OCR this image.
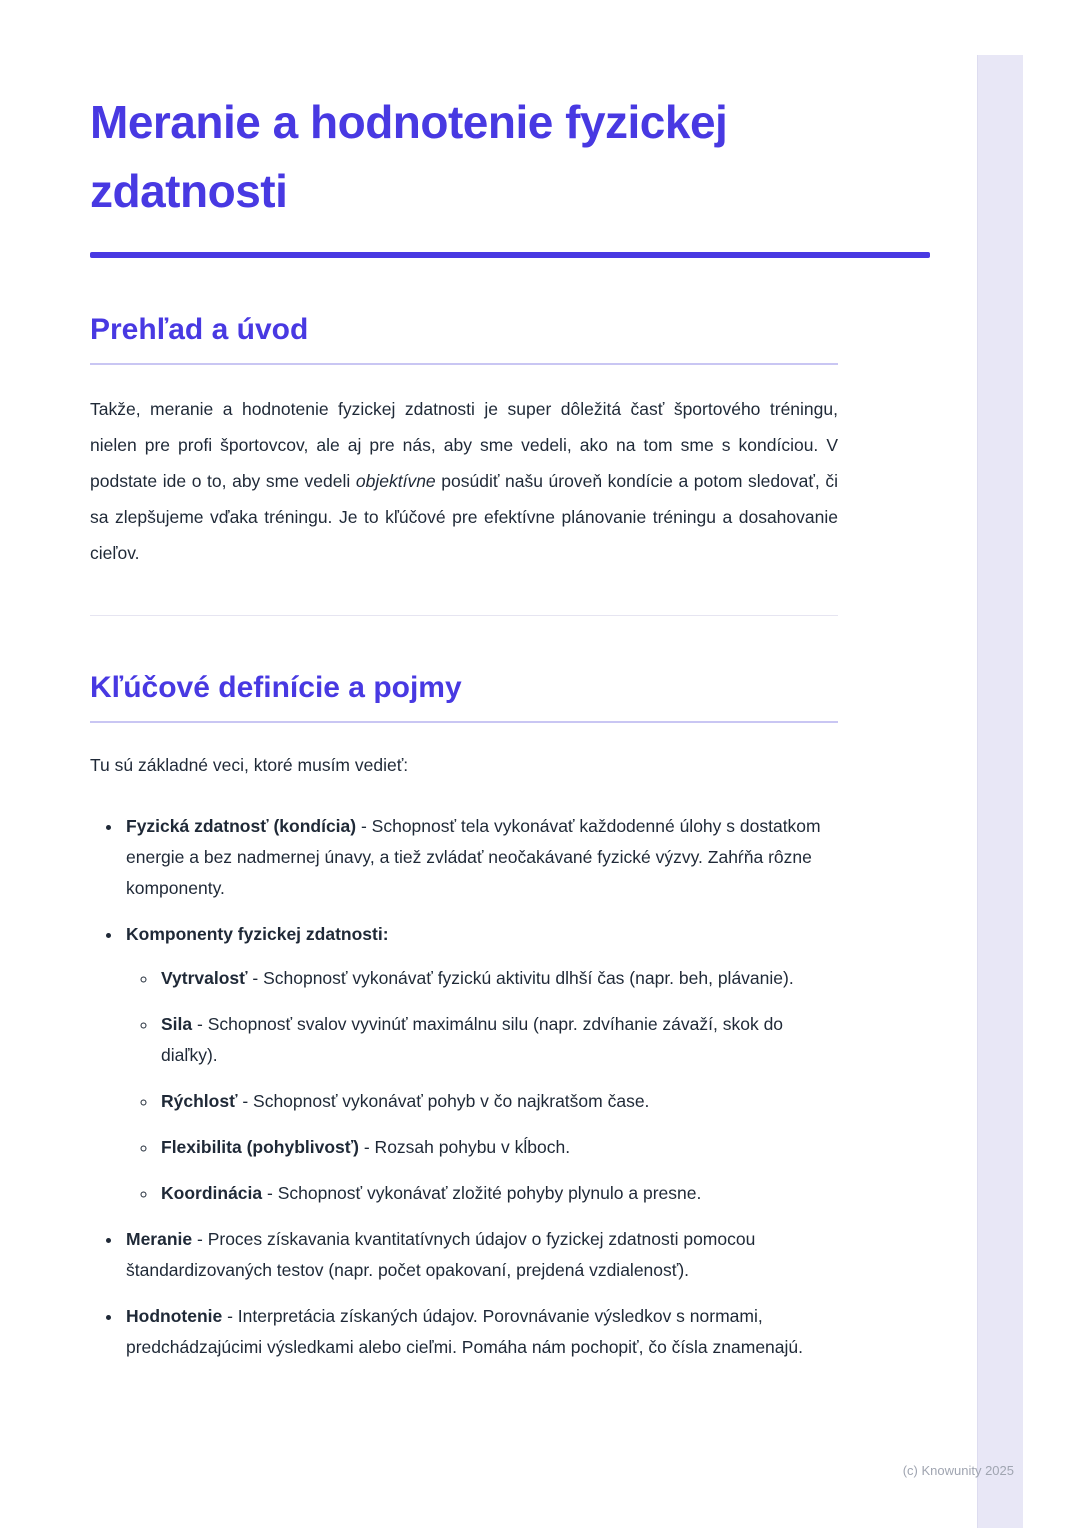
Meranie a hodnotenie fyzickej zdatnosti
Prehľad a úvod

Takže, meranie a hodnotenie fyzickej zdatnosti je super dôležitá časť športového tréningu, nielen pre profi športovcov, ale aj pre nás, aby sme vedeli, ako na tom sme s kondíciou. V podstate ide o to, aby sme vedeli objektívne posúdiť našu úroveň kondície a potom sledovať, či sa zlepšujeme vďaka tréningu. Je to kľúčové pre efektívne plánovanie tréningu a dosahovanie cieľov.

Kľúčové definície a pojmy

Tu sú základné veci, ktoré musím vedieť:

• Fyzická zdatnosť (kondícia) - Schopnosť tela vykonávať každodenné úlohy s dostatkom energie a bez nadmernej únavy, a tiež zvládať neočakávané fyzické výzvy. Zahŕňa rôzne komponenty.
• Komponenty fyzickej zdatnosti:
◦ Vytrvalosť - Schopnosť vykonávať fyzickú aktivitu dlhší čas (napr. beh, plávanie).
◦ Sila - Schopnosť svalov vyvinúť maximálnu silu (napr. zdvíhanie závaží, skok do diaľky).
◦ Rýchlosť - Schopnosť vykonávať pohyb v čo najkratšom čase.
◦ Flexibilita (pohyblivosť) - Rozsah pohybu v kĺboch.
◦ Koordinácia - Schopnosť vykonávať zložité pohyby plynulo a presne.
• Meranie - Proces získavania kvantitatívnych údajov o fyzickej zdatnosti pomocou štandardizovaných testov (napr. počet opakovaní, prejdená vzdialenosť).
• Hodnotenie - Interpretácia získaných údajov. Porovnávanie výsledkov s normami, predchádzajúcimi výsledkami alebo cieľmi. Pomáha nám pochopiť, čo čísla znamenajú.
(c) Knowunity 2025
